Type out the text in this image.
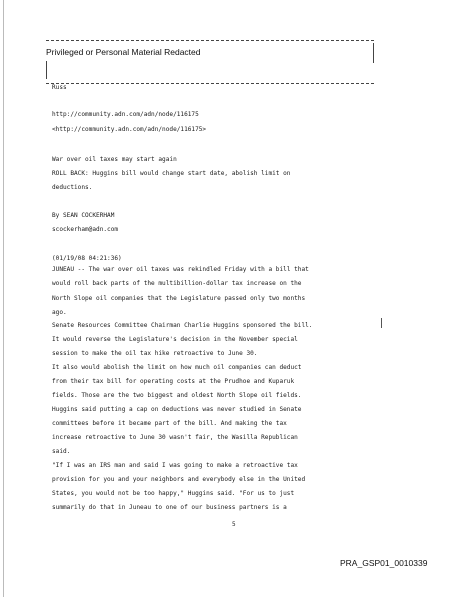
Privileged or Personal Material Redacted
Russ
http://community.adn.com/adn/node/116175
<http://community.adn.com/adn/node/116175>
War over oil taxes may start again
ROLL BACK: Huggins bill would change start date, abolish limit on
deductions.
By SEAN COCKERHAM
scockerham@adn.com
(01/19/08 04:21:36)
JUNEAU -- The war over oil taxes was rekindled Friday with a bill that
would roll back parts of the multibillion-dollar tax increase on the
North Slope oil companies that the Legislature passed only two months
ago.
Senate Resources Committee Chairman Charlie Huggins sponsored the bill.
It would reverse the Legislature's decision in the November special
session to make the oil tax hike retroactive to June 30.
It also would abolish the limit on how much oil companies can deduct
from their tax bill for operating costs at the Prudhoe and Kuparuk
fields. Those are the two biggest and oldest North Slope oil fields.
Huggins said putting a cap on deductions was never studied in Senate
committees before it became part of the bill. And making the tax
increase retroactive to June 30 wasn't fair, the Wasilla Republican
said.
"If I was an IRS man and said I was going to make a retroactive tax
provision for you and your neighbors and everybody else in the United
States, you would not be too happy," Huggins said. "For us to just
summarily do that in Juneau to one of our business partners is a
5
PRA_GSP01_0010339
